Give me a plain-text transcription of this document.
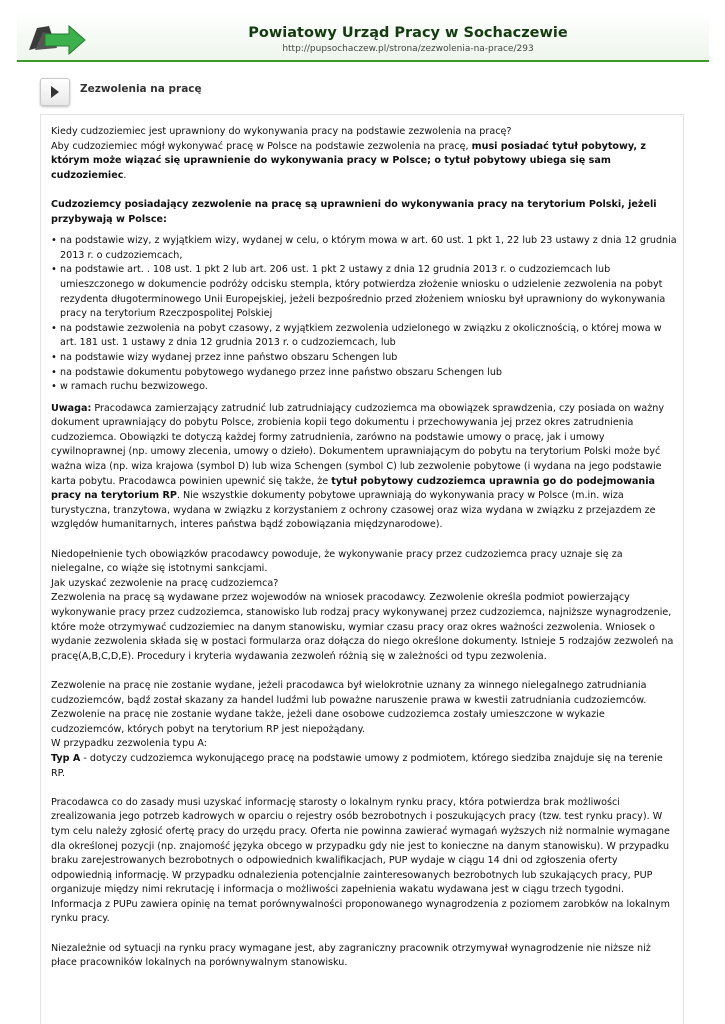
Powiatowy Urząd Pracy w Sochaczewie
http://pupsochaczew.pl/strona/zezwolenia-na-prace/293
Zezwolenia na pracę

Kiedy cudzoziemiec jest uprawniony do wykonywania pracy na podstawie zezwolenia na pracę?

Aby cudzoziemiec mógł wykonywać pracę w Polsce na podstawie zezwolenia na pracę, musi posiadać tytuł pobytowy, z którym może wiązać się uprawnienie do wykonywania pracy w Polsce; o tytuł pobytowy ubiega się sam cudzoziemiec.

Cudzoziemcy posiadający zezwolenie na pracę są uprawnieni do wykonywania pracy na terytorium Polski, jeżeli przybywają w Polsce:

• na podstawie wizy, z wyjątkiem wizy, wydanej w celu, o którym mowa w art. 60 ust. 1 pkt 1, 22 lub 23 ustawy z dnia 12 grudnia 2013 r. o cudzoziemcach,
• na podstawie art. . 108 ust. 1 pkt 2 lub art. 206 ust. 1 pkt 2 ustawy z dnia 12 grudnia 2013 r. o cudzoziemcach lub umieszczonego w dokumencie podróży odcisku stempla, który potwierdza złożenie wniosku o udzielenie zezwolenia na pobyt rezydenta długoterminowego Unii Europejskiej, jeżeli bezpośrednio przed złożeniem wniosku był uprawniony do wykonywania pracy na terytorium Rzeczpospolitej Polskiej
• na podstawie zezwolenia na pobyt czasowy, z wyjątkiem zezwolenia udzielonego w związku z okolicznością, o której mowa w art. 181 ust. 1 ustawy z dnia 12 grudnia 2013 r. o cudzoziemcach, lub
• na podstawie wizy wydanej przez inne państwo obszaru Schengen lub
• na podstawie dokumentu pobytowego wydanego przez inne państwo obszaru Schengen lub
• w ramach ruchu bezwizowego.

Uwaga: Pracodawca zamierzający zatrudnić lub zatrudniający cudzoziemca ma obowiązek sprawdzenia, czy posiada on ważny dokument uprawniający do pobytu Polsce, zrobienia kopii tego dokumentu i przechowywania jej przez okres zatrudnienia cudzoziemca. Obowiązki te dotyczą każdej formy zatrudnienia, zarówno na podstawie umowy o pracę, jak i umowy cywilnoprawnej (np. umowy zlecenia, umowy o dzieło). Dokumentem uprawniającym do pobytu na terytorium Polski może być ważna wiza (np. wiza krajowa (symbol D) lub wiza Schengen (symbol C) lub zezwolenie pobytowe (i wydana na jego podstawie karta pobytu. Pracodawca powinien upewnić się także, że tytuł pobytowy cudzoziemca uprawnia go do podejmowania pracy na terytorium RP. Nie wszystkie dokumenty pobytowe uprawniają do wykonywania pracy w Polsce (m.in. wiza turystyczna, tranzytowa, wydana w związku z korzystaniem z ochrony czasowej oraz wiza wydana w związku z przejazdem ze względów humanitarnych, interes państwa bądź zobowiązania międzynarodowe).

Niedopełnienie tych obowiązków pracodawcy powoduje, że wykonywanie pracy przez cudzoziemca pracy uznaje się za nielegalne, co wiąże się istotnymi sankcjami.

Jak uzyskać zezwolenie na pracę cudzoziemca?

Zezwolenia na pracę są wydawane przez wojewodów na wniosek pracodawcy. Zezwolenie określa podmiot powierzający wykonywanie pracy przez cudzoziemca, stanowisko lub rodzaj pracy wykonywanej przez cudzoziemca, najniższe wynagrodzenie, które może otrzymywać cudzoziemiec na danym stanowisku, wymiar czasu pracy oraz okres ważności zezwolenia. Wniosek o wydanie zezwolenia składa się w postaci formularza oraz dołącza do niego określone dokumenty. Istnieje 5 rodzajów zezwoleń na pracę(A,B,C,D,E). Procedury i kryteria wydawania zezwoleń różnią się w zależności od typu zezwolenia.

Zezwolenie na pracę nie zostanie wydane, jeżeli pracodawca był wielokrotnie uznany za winnego nielegalnego zatrudniania cudzoziemców, bądź został skazany za handel ludźmi lub poważne naruszenie prawa w kwestii zatrudniania cudzoziemców. Zezwolenie na pracę nie zostanie wydane także, jeżeli dane osobowe cudzoziemca zostały umieszczone w wykazie cudzoziemców, których pobyt na terytorium RP jest niepożądany.

W przypadku zezwolenia typu A:

Typ A - dotyczy cudzoziemca wykonującego pracę na podstawie umowy z podmiotem, którego siedziba znajduje się na terenie RP.

Pracodawca co do zasady musi uzyskać informację starosty o lokalnym rynku pracy, która potwierdza brak możliwości zrealizowania jego potrzeb kadrowych w oparciu o rejestry osób bezrobotnych i poszukujących pracy (tzw. test rynku pracy). W tym celu należy zgłosić ofertę pracy do urzędu pracy. Oferta nie powinna zawierać wymagań wyższych niż normalnie wymagane dla określonej pozycji (np. znajomość języka obcego w przypadku gdy nie jest to konieczne na danym stanowisku). W przypadku braku zarejestrowanych bezrobotnych o odpowiednich kwalifikacjach, PUP wydaje w ciągu 14 dni od zgłoszenia oferty odpowiednią informację. W przypadku odnalezienia potencjalnie zainteresowanych bezrobotnych lub szukających pracy, PUP organizuje między nimi rekrutację i informacja o możliwości zapełnienia wakatu wydawana jest w ciągu trzech tygodni. Informacja z PUPu zawiera opinię na temat porównywalności proponowanego wynagrodzenia z poziomem zarobków na lokalnym rynku pracy.

Niezależnie od sytuacji na rynku pracy wymagane jest, aby zagraniczny pracownik otrzymywał wynagrodzenie nie niższe niż płace pracowników lokalnych na porównywalnym stanowisku.
